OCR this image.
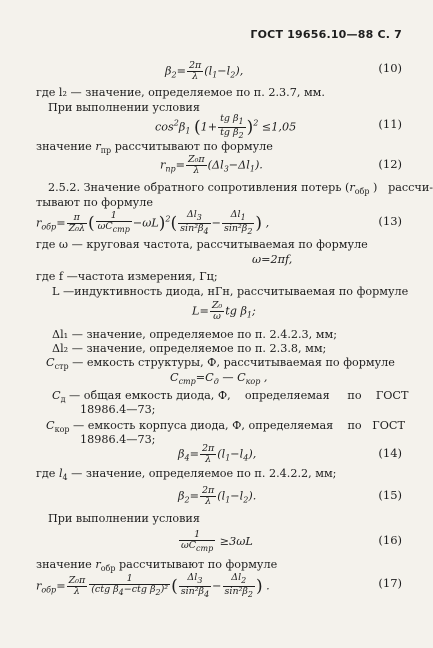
ГОСТ 19656.10—88 С. 7
$\beta_2= \frac{2\pi}{\lambda} (l_1-l_2)$,	(10)
где l₂ — значение, определяемое по п. 2.3.7, мм.
При выполнении условия
$\cos^2\beta_1$ $(1+ \frac{tg \beta_1}{tg \beta_2} )^2 \le 1,05$	(11)
значение $r_{пр}$ рассчитывают по формуле
$r_{пр}= \frac{\text{Z₀π}}{\lambda} (\Delta l_3-\Delta l_1)$.	(12)
2.5.2. Значение обратного сопротивления потерь ($r_{обр}$ )   рассчи-
тывают по формуле
$r_{обр}= \frac{\pi}{\text{Z₀λ}}$ ( $\frac{1}{\omega C_{стр}} -\omega L)^2( \frac{\Delta l_3}{\sin^2\beta_4} - \frac{\Delta l_1}{\sin^2\beta_2}$ ) ,	(13)
где ω — круговая частота, рассчитываемая по формуле
ω=2πf,
где f —частота измерения, Гц;
L —индуктивность диода, нГн, рассчитываемая по формуле
$L= \frac{\text{Z₀}}{\omega}$ tg $\beta_1$;
Δl₁ — значение, определяемое по п. 2.4.2.3, мм;
Δl₂ — значение, определяемое по п. 2.3.8, мм;
$C_{стр}$ — емкость структуры, Ф, рассчитываемая по формуле
$C_{стр}=C_д$ — $C_{кор}$ ,
$C_д$ — общая емкость диода, Ф,    определяемая     по    ГОСТ
18986.4—73;
$C_{кор}$ — емкость корпуса диода, Ф, определяемая    по   ГОСТ
18986.4—73;
$\beta_4= \frac{2\pi}{\lambda} (l_1-l_4)$,	(14)
где $l_4$ — значение, определяемое по п. 2.4.2.2, мм;
$\beta_2= \frac{2\pi}{\lambda} (l_1-l_2)$.	(15)
При выполнении условия
$\frac{1}{\omega C_{стр}} \ge 3\omega L$	(16)
значение $r_{обр}$ рассчитывают по формуле
$r_{обр}= \frac{\text{Z₀π}}{\lambda} \frac{1}{(ctg \beta_4-ctg \beta_2)^2}$ ( $\frac{\Delta l_3}{\sin^2\beta_4} - \frac{\Delta l_2}{\sin^2\beta_2}$ ) .	(17)
